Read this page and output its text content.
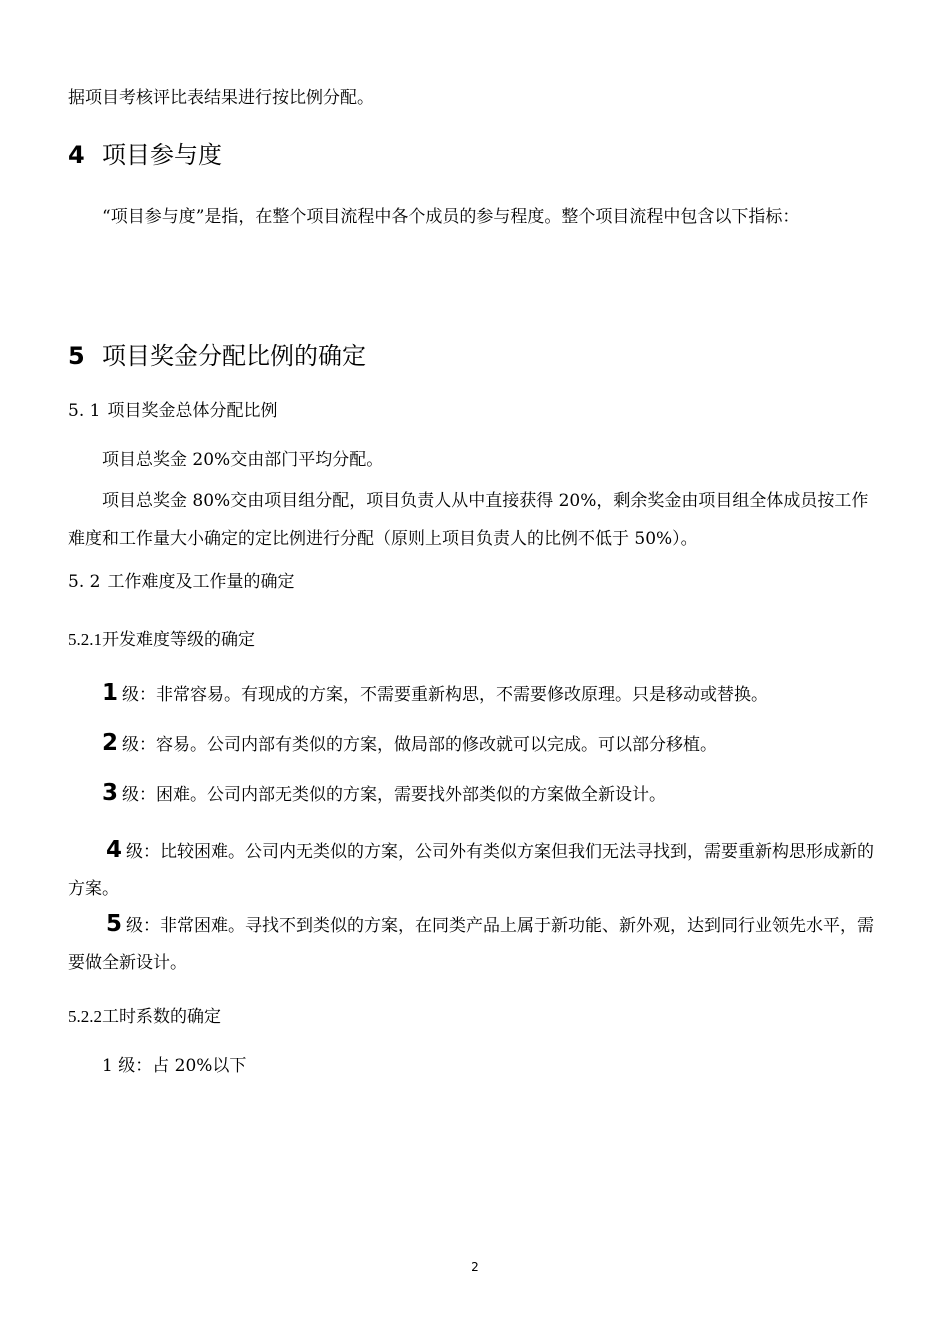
据项目考核评比表结果进行按比例分配。
4 项目参与度
“项目参与度”是指，在整个项目流程中各个成员的参与程度。整个项目流程中包含以下指标：
5 项目奖金分配比例的确定
5. 1 项目奖金总体分配比例
项目总奖金 20%交由部门平均分配。
项目总奖金 80%交由项目组分配，项目负责人从中直接获得 20%，剩余奖金由项目组全体成员按工作难度和工作量大小确定的定比例进行分配（原则上项目负责人的比例不低于 50%）。
5. 2 工作难度及工作量的确定
5.2.1开发难度等级的确定
1 级：非常容易。有现成的方案，不需要重新构思，不需要修改原理。只是移动或替换。
2 级：容易。公司内部有类似的方案，做局部的修改就可以完成。可以部分移植。
3 级：困难。公司内部无类似的方案，需要找外部类似的方案做全新设计。
4 级：比较困难。公司内无类似的方案，公司外有类似方案但我们无法寻找到，需要重新构思形成新的方案。
5 级：非常困难。寻找不到类似的方案，在同类产品上属于新功能、新外观，达到同行业领先水平，需要做全新设计。
5.2.2工时系数的确定
1 级：占 20%以下
2
